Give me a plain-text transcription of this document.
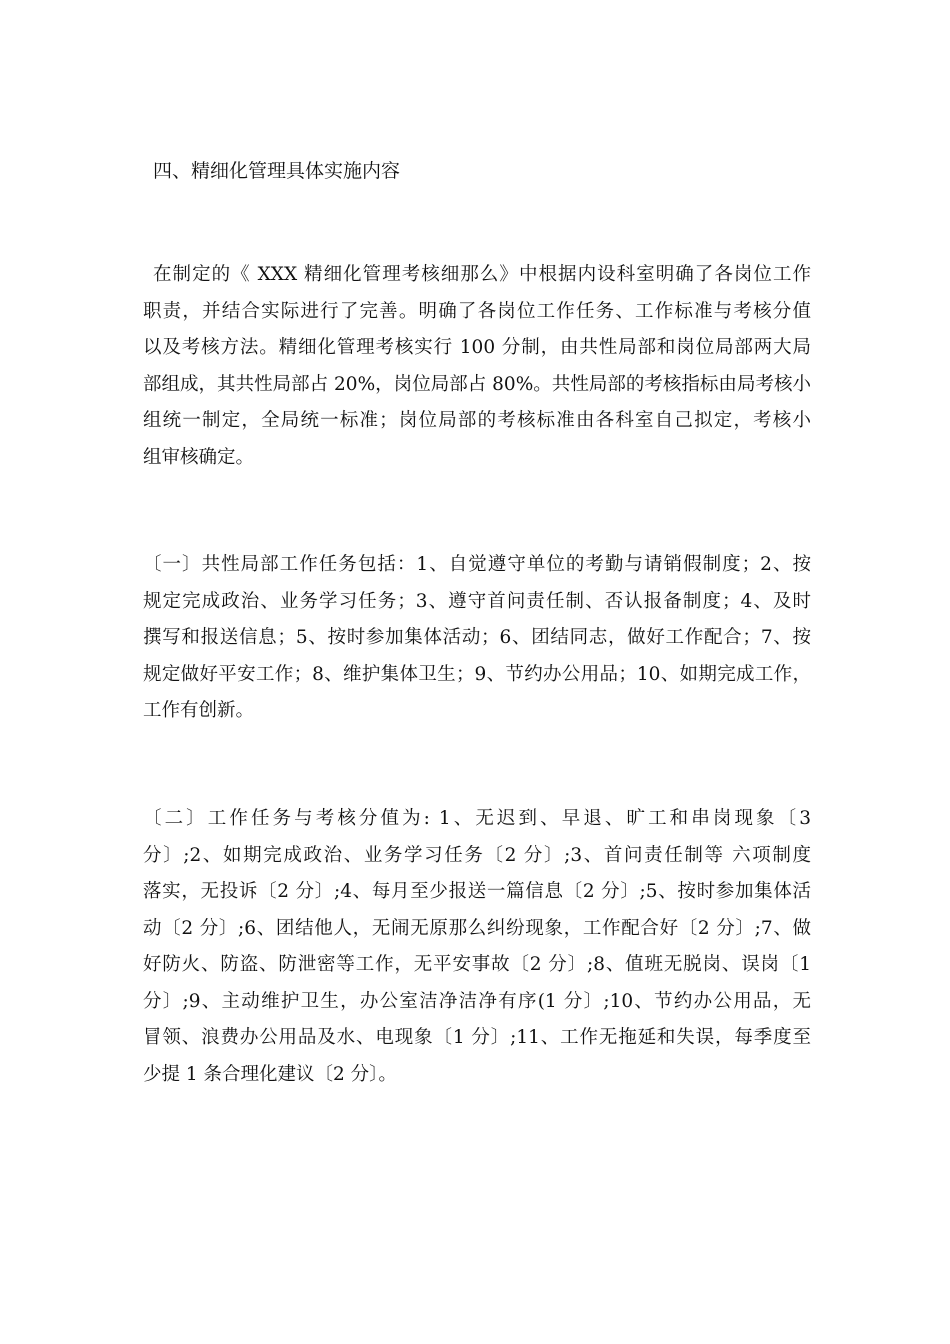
四、精细化管理具体实施内容
在制定的《 XXX 精细化管理考核细那么》中根据内设科室明确了各岗位工作
职责，并结合实际进行了完善。明确了各岗位工作任务、工作标准与考核分值
以及考核方法。精细化管理考核实行 100 分制，由共性局部和岗位局部两大局
部组成，其共性局部占 20%，岗位局部占 80%。共性局部的考核指标由局考核小
组统一制定，全局统一标准；岗位局部的考核标准由各科室自己拟定，考核小
组审核确定。
〔一〕共性局部工作任务包括：1、自觉遵守单位的考勤与请销假制度；2、按
规定完成政治、业务学习任务；3、遵守首问责任制、否认报备制度；4、及时
撰写和报送信息；5、按时参加集体活动；6、团结同志，做好工作配合；7、按
规定做好平安工作；8、维护集体卫生；9、节约办公用品；10、如期完成工作，
工作有创新。
〔二〕工作任务与考核分值为: 1、无迟到、早退、旷工和串岗现象〔3
分〕;2、如期完成政治、业务学习任务〔2 分〕;3、首问责任制等 六项制度
落实，无投诉〔2 分〕;4、每月至少报送一篇信息〔2 分〕;5、按时参加集体活
动〔2 分〕;6、团结他人，无闹无原那么纠纷现象，工作配合好〔2 分〕;7、做
好防火、防盗、防泄密等工作，无平安事故〔2 分〕;8、值班无脱岗、误岗〔1
分〕;9、主动维护卫生，办公室洁净洁净有序(1 分〕;10、节约办公用品，无
冒领、浪费办公用品及水、电现象〔1 分〕;11、工作无拖延和失误，每季度至
少提 1 条合理化建议〔2 分〕。
